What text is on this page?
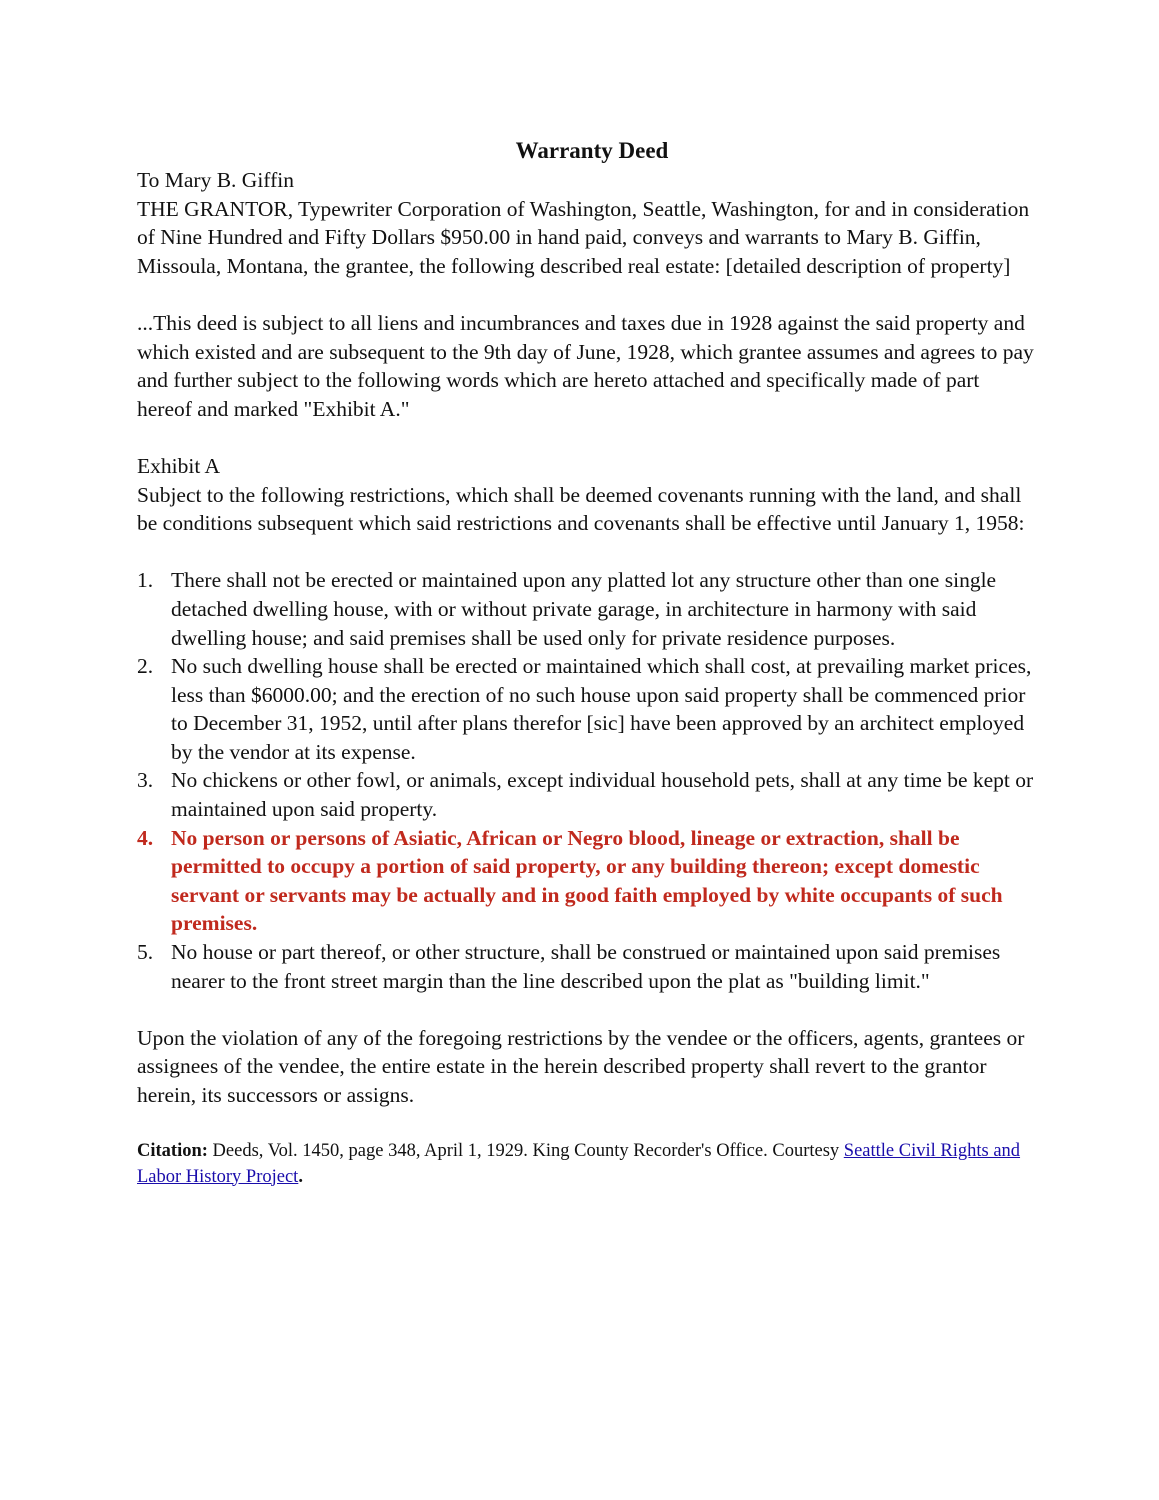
Warranty Deed

To Mary B. Giffin

THE GRANTOR, Typewriter Corporation of Washington, Seattle, Washington, for and in consideration of Nine Hundred and Fifty Dollars $950.00 in hand paid, conveys and warrants to Mary B. Giffin, Missoula, Montana, the grantee, the following described real estate: [detailed description of property]

...This deed is subject to all liens and incumbrances and taxes due in 1928 against the said property and which existed and are subsequent to the 9th day of June, 1928, which grantee assumes and agrees to pay and further subject to the following words which are hereto attached and specifically made of part hereof and marked "Exhibit A."

Exhibit A

Subject to the following restrictions, which shall be deemed covenants running with the land, and shall be conditions subsequent which said restrictions and covenants shall be effective until January 1, 1958:

1. There shall not be erected or maintained upon any platted lot any structure other than one single detached dwelling house, with or without private garage, in architecture in harmony with said dwelling house; and said premises shall be used only for private residence purposes.
2. No such dwelling house shall be erected or maintained which shall cost, at prevailing market prices, less than $6000.00; and the erection of no such house upon said property shall be commenced prior to December 31, 1952, until after plans therefor [sic] have been approved by an architect employed by the vendor at its expense.
3. No chickens or other fowl, or animals, except individual household pets, shall at any time be kept or maintained upon said property.
4. No person or persons of Asiatic, African or Negro blood, lineage or extraction, shall be permitted to occupy a portion of said property, or any building thereon; except domestic servant or servants may be actually and in good faith employed by white occupants of such premises.
5. No house or part thereof, or other structure, shall be construed or maintained upon said premises nearer to the front street margin than the line described upon the plat as "building limit."

Upon the violation of any of the foregoing restrictions by the vendee or the officers, agents, grantees or assignees of the vendee, the entire estate in the herein described property shall revert to the grantor herein, its successors or assigns.

Citation: Deeds, Vol. 1450, page 348, April 1, 1929. King County Recorder's Office. Courtesy Seattle Civil Rights and Labor History Project.
